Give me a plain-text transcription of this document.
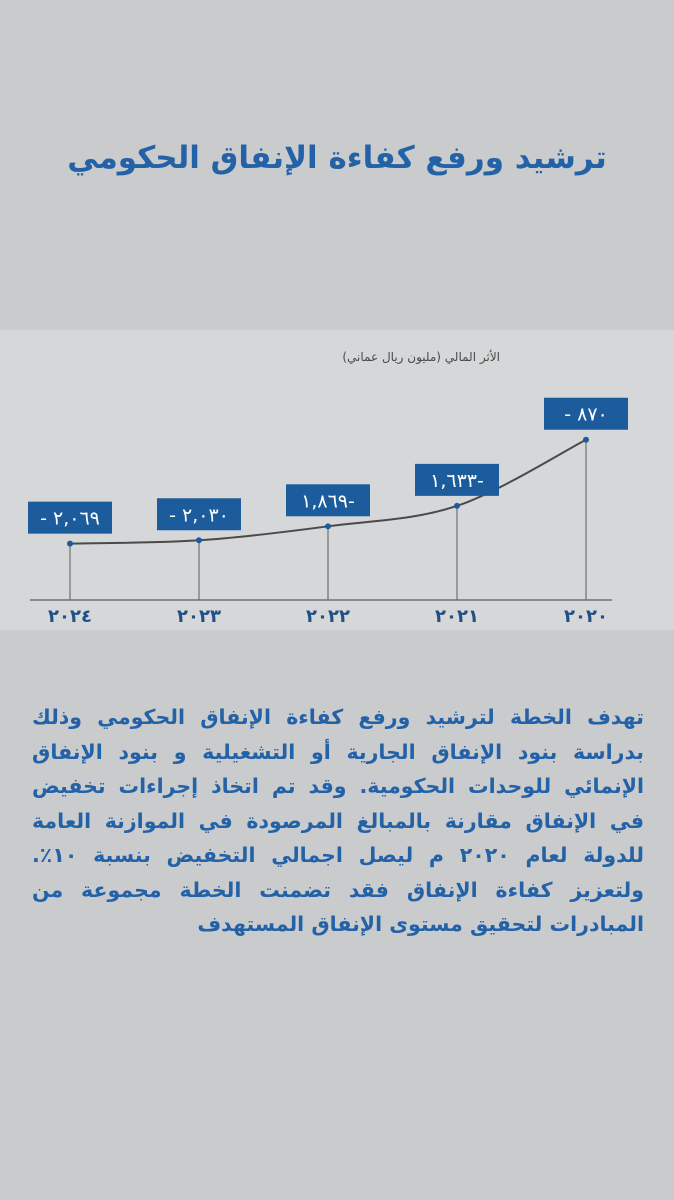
ترشيد ورفع كفاءة الإنفاق الحكومي
الأثر المالي (مليون ريال عماني)
٨٧٠ -
٢٠٢٠
-١,٦٣٣
٢٠٢١
-١,٨٦٩
٢٠٢٢
٢,٠٣٠ -
٢٠٢٣
٢,٠٦٩ -
٢٠٢٤

تهدف الخطة لترشيد ورفع كفاءة الإنفاق الحكومي وذلك بدراسة بنود الإنفاق الجارية أو التشغيلية و بنود الإنفاق الإنمائي للوحدات الحكومية. وقد تم اتخاذ إجراءات تخفيض في الإنفاق مقارنة بالمبالغ المرصودة في الموازنة العامة للدولة لعام ٢٠٢٠ م ليصل اجمالي التخفيض بنسبة ١٠٪. ولتعزيز كفاءة الإنفاق فقد تضمنت الخطة مجموعة من المبادرات لتحقيق مستوى الإنفاق المستهدف
